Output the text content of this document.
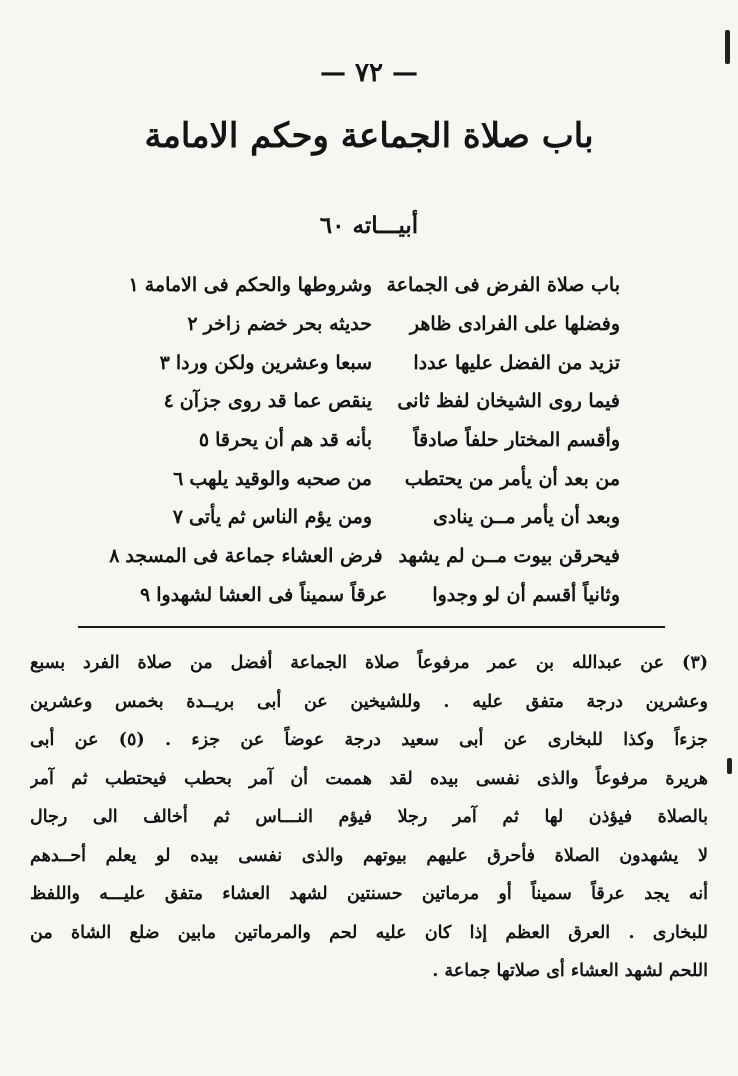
— ٧٢ —
باب صلاة الجماعة وحكم الامامة
أبيـــاته ٦٠
باب صلاة الفرض فى الجماعة
وشروطها والحكم فى الامامة١
وفضلها على الفرادى ظاهر
حديثه بحر خضم زاخر٢
تزيد من الفضل عليها عددا
سبعا وعشرين ولكن وردا٣
فيما روى الشيخان لفظ ثانى
ينقص عما قد روى جزآن٤
وأقسم المختار حلفاً صادقاً
بأنه قد هم أن يحرقا٥
من بعد أن يأمر من يحتطب
من صحبه والوقيد يلهب٦
وبعد أن يأمر مــن ينادى
ومن يؤم الناس ثم يأتى٧
فيحرقن بيوت مــن لم يشهد
فرض العشاء جماعة فى المسجد٨
وثانياً أقسم أن لو وجدوا
عرقاً سميناً فى العشا لشهدوا٩
(٣) عن عبدالله بن عمر مرفوعاً صلاة الجماعة أفضل من صلاة الفرد بسبع
وعشرين درجة متفق عليه . وللشيخين عن أبى بريــدة بخمس وعشرين
جزءاً وكذا للبخارى عن أبى سعيد درجة عوضاً عن جزء . (٥) عن أبى
هريرة مرفوعاً والذى نفسى بيده لقد هممت أن آمر بحطب فيحتطب ثم آمر
بالصلاة فيؤذن لها ثم آمر رجلا فيؤم النـــاس ثم أخالف الى رجال
لا يشهدون الصلاة فأحرق عليهم بيوتهم والذى نفسى بيده لو يعلم أحــدهم
أنه يجد عرقاً سميناً أو مرماتين حسنتين لشهد العشاء متفق عليـــه واللفظ
للبخارى . العرق العظم إذا كان عليه لحم والمرماتين مابين ضلع الشاة من
اللحم لشهد العشاء أى صلاتها جماعة .
